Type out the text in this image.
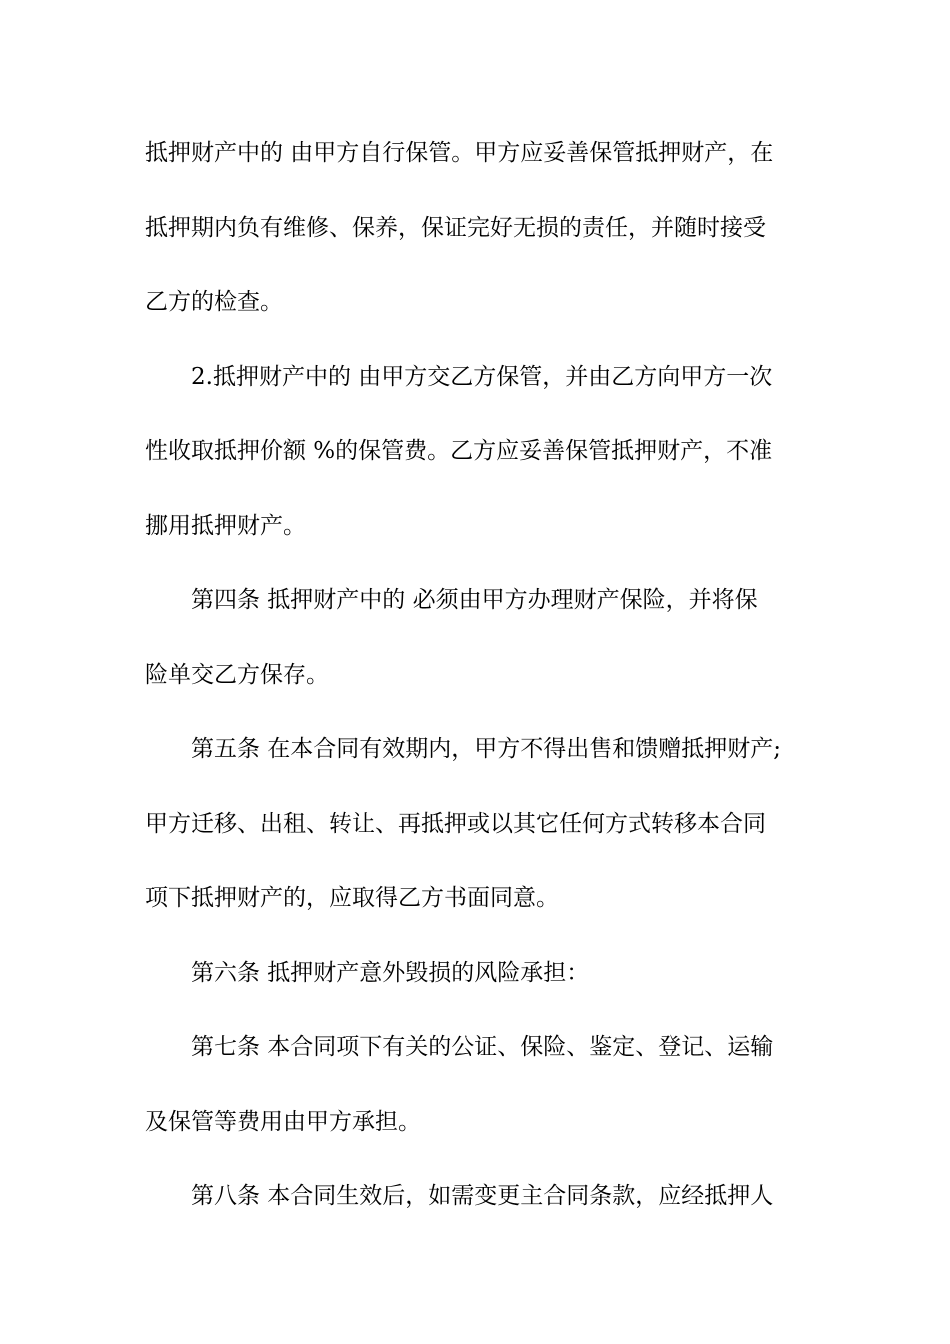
抵押财产中的 由甲方自行保管。甲方应妥善保管抵押财产，在
抵押期内负有维修、保养，保证完好无损的责任，并随时接受
乙方的检查。
2.抵押财产中的 由甲方交乙方保管，并由乙方向甲方一次
性收取抵押价额 %的保管费。乙方应妥善保管抵押财产，不准
挪用抵押财产。
第四条 抵押财产中的 必须由甲方办理财产保险，并将保
险单交乙方保存。
第五条 在本合同有效期内，甲方不得出售和馈赠抵押财产;
甲方迁移、出租、转让、再抵押或以其它任何方式转移本合同
项下抵押财产的，应取得乙方书面同意。
第六条 抵押财产意外毁损的风险承担：
第七条 本合同项下有关的公证、保险、鉴定、登记、运输
及保管等费用由甲方承担。
第八条 本合同生效后，如需变更主合同条款，应经抵押人
